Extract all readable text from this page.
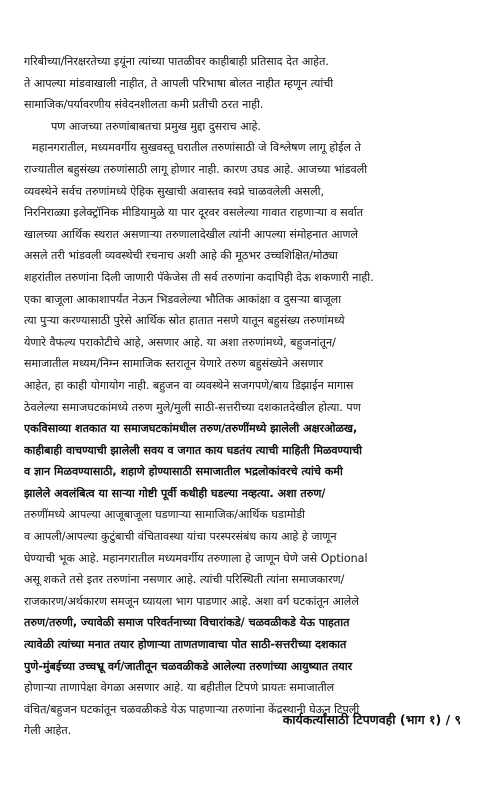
गरिबीच्या/निरक्षरतेच्या इयूंना त्यांच्या पातळीवर काहीबाही प्रतिसाद देत आहेत.
ते आपल्या मांडवाखाली नाहीत, ते आपली परिभाषा बोलत नाहीत म्हणून त्यांची
सामाजिक/पर्यावरणीय संवेदनशीलता कमी प्रतीची ठरत नाही.
पण आजच्या तरुणांबाबतचा प्रमुख मुद्दा दुसराच आहे.
महानगरातील, मध्यमवर्गीय सुखवस्तू घरातील तरुणांसाठी जे विश्लेषण लागू होईल ते
राज्यातील बहुसंख्य तरुणांसाठी लागू होणार नाही. कारण उघड आहे. आजच्या भांडवली
व्यवस्थेने सर्वच तरुणांमध्ये ऐहिक सुखाची अवास्तव स्वप्ने चाळवलेली असली,
निरनिराळ्या इलेक्ट्रॉनिक मीडियामुळे या पार दूरवर वसलेल्या गावात राहणाऱ्या व सर्वात
खालच्या आर्थिक स्थरात असणाऱ्या तरुणालादेखील त्यांनी आपल्या संमोहनात आणले
असले तरी भांडवली व्यवस्थेची रचनाच अशी आहे की मूठभर उच्चशिक्षित/मोठ्या
शहरांतील तरुणांना दिली जाणारी पॅकेजेस ती सर्व तरुणांना कदापिही देऊ शकणारी नाही.
एका बाजूला आकाशापर्यंत नेऊन भिडवलेल्या भौतिक आकांक्षा व दुसऱ्या बाजूला
त्या पुऱ्या करण्यासाठी पुरेसे आर्थिक स्रोत हातात नसणे यातून बहुसंख्य तरुणांमध्ये
येणारे वैफल्य पराकोटीचे आहे, असणार आहे. या अशा तरुणांमध्ये, बहुजनांतून/
समाजातील मध्यम/निम्न सामाजिक स्तरातून येणारे तरुण बहुसंख्येने असणार
आहेत, हा काही योगायोग नाही. बहुजन वा व्यवस्थेने सजगपणे/बाय डिझाईन मागास
ठेवलेल्या समाजघटकांमध्ये तरुण मुले/मुली साठी-सत्तरीच्या दशकातदेखील होत्या. पण
एकविसाव्या शतकात या समाजघटकांमधील तरुण/तरुणींमध्ये झालेली अक्षरओळख,
काहीबाही वाचण्याची झालेली सवय व जगात काय घडतंय त्याची माहिती मिळवण्याची
व ज्ञान मिळवण्यासाठी, शहाणे होण्यासाठी समाजातील भद्रलोकांवरचे त्यांचे कमी
झालेले अवलंबित्व या साऱ्या गोष्टी पूर्वी कधीही घडल्या नव्हत्या. अशा तरुण/
तरुणींमध्ये आपल्या आजूबाजूला घडणाऱ्या सामाजिक/आर्थिक घडामोडी
व आपली/आपल्या कुटुंबाची वंचितावस्था यांचा परस्परसंबंध काय आहे हे जाणून
घेण्याची भूक आहे. महानगरातील मध्यमवर्गीय तरुणाला हे जाणून घेणे जसे Optional
असू शकते तसे इतर तरुणांना नसणार आहे. त्यांची परिस्थिती त्यांना समाजकारण/
राजकारण/अर्थकारण समजून घ्यायला भाग पाडणार आहे. अशा वर्ग घटकांतून आलेले
तरुण/तरुणी, ज्यावेळी समाज परिवर्तनाच्या विचारांकडे/ चळवळीकडे येऊ पाहतात
त्यावेळी त्यांच्या मनात तयार होणाऱ्या ताणतणावाचा पोत साठी-सत्तरीच्या दशकात
पुणे-मुंबईच्या उच्चभ्रू वर्ग/जातीतून चळवळीकडे आलेल्या तरुणांच्या आयुष्यात तयार
होणाऱ्या ताणापेक्षा वेगळा असणार आहे. या बहीतील टिपणे प्रायतः समाजातील
वंचित/बहुजन घटकांतून चळवळीकडे येऊ पाहणाऱ्या तरुणांना केंद्रस्थानी घेऊन टिपली
गेली आहेत.
कार्यकर्त्यांसाठी टिपणवही (भाग १) / ९
